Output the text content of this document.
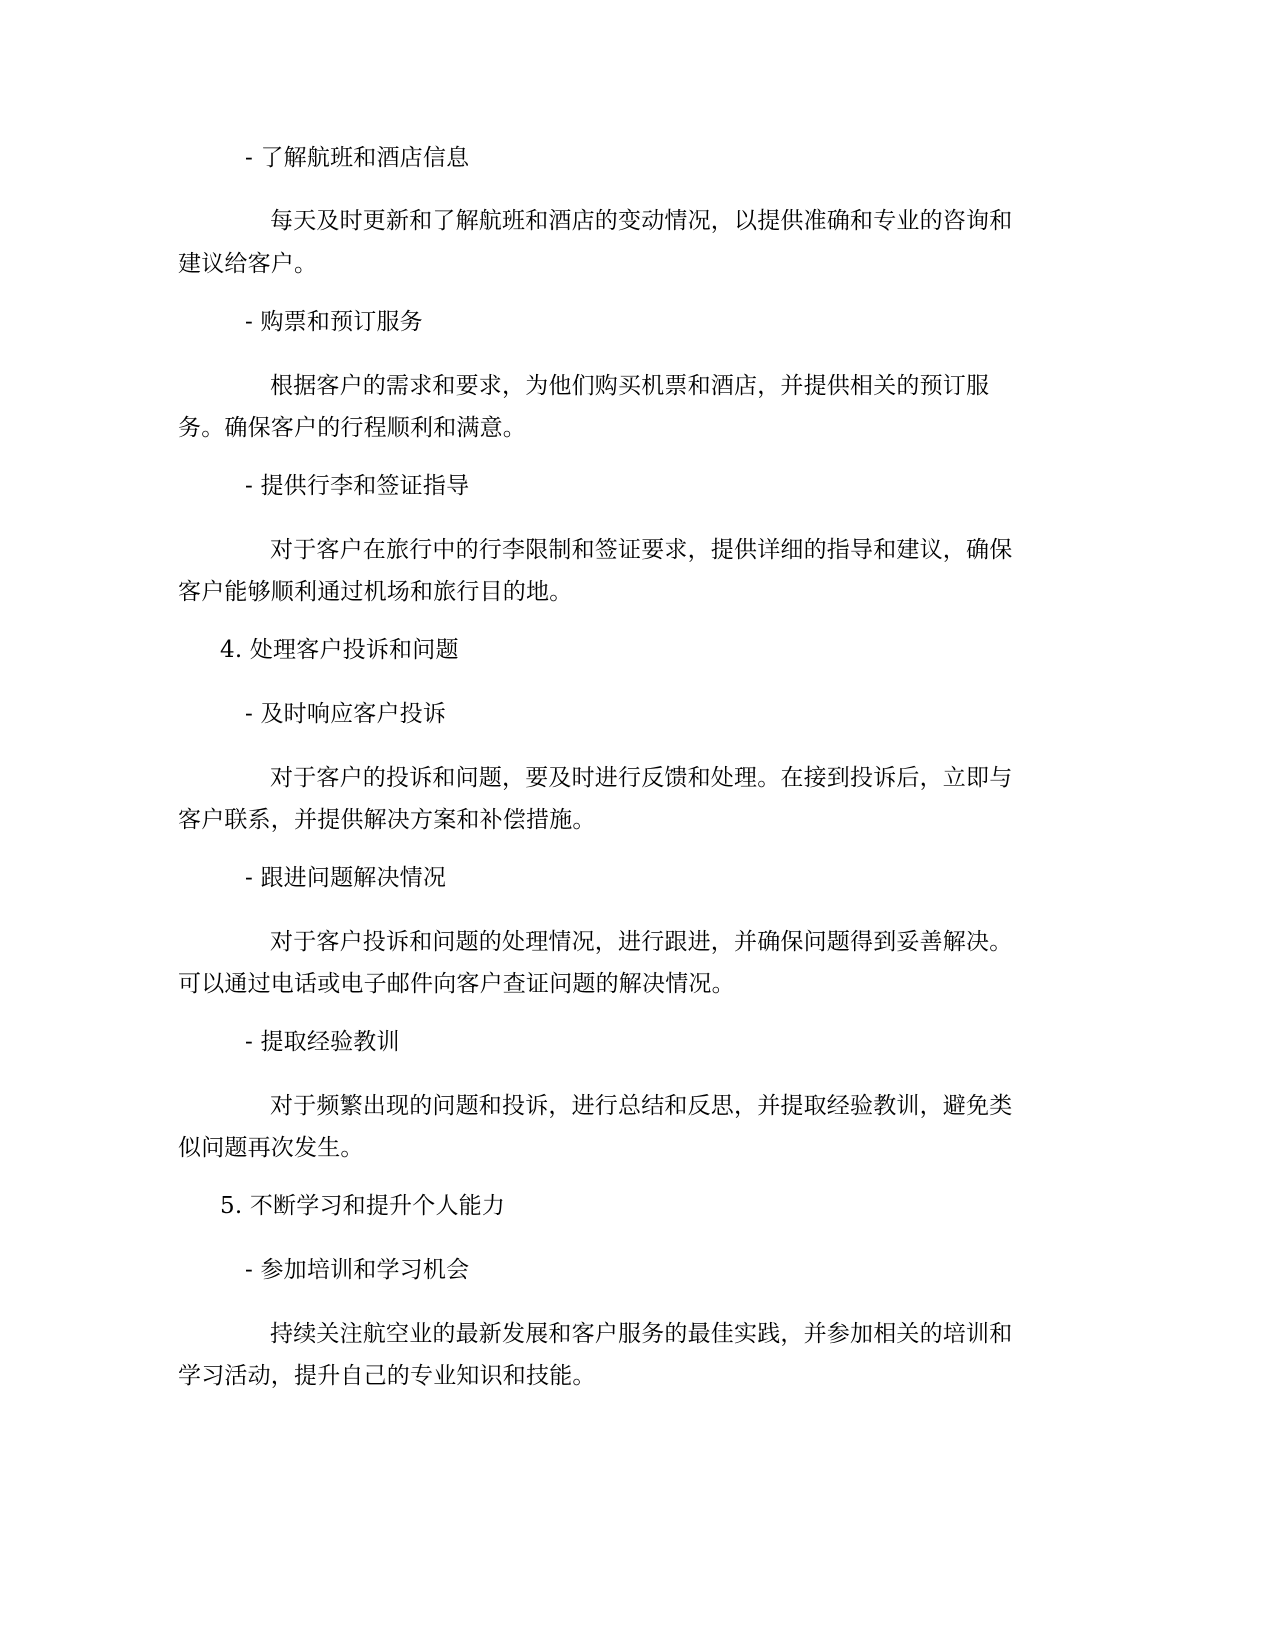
- 了解航班和酒店信息
每天及时更新和了解航班和酒店的变动情况，以提供准确和专业的咨询和
建议给客户。
- 购票和预订服务
根据客户的需求和要求，为他们购买机票和酒店，并提供相关的预订服
务。确保客户的行程顺利和满意。
- 提供行李和签证指导
对于客户在旅行中的行李限制和签证要求，提供详细的指导和建议，确保
客户能够顺利通过机场和旅行目的地。
4. 处理客户投诉和问题
- 及时响应客户投诉
对于客户的投诉和问题，要及时进行反馈和处理。在接到投诉后，立即与
客户联系，并提供解决方案和补偿措施。
- 跟进问题解决情况
对于客户投诉和问题的处理情况，进行跟进，并确保问题得到妥善解决。
可以通过电话或电子邮件向客户查证问题的解决情况。
- 提取经验教训
对于频繁出现的问题和投诉，进行总结和反思，并提取经验教训，避免类
似问题再次发生。
5. 不断学习和提升个人能力
- 参加培训和学习机会
持续关注航空业的最新发展和客户服务的最佳实践，并参加相关的培训和
学习活动，提升自己的专业知识和技能。
